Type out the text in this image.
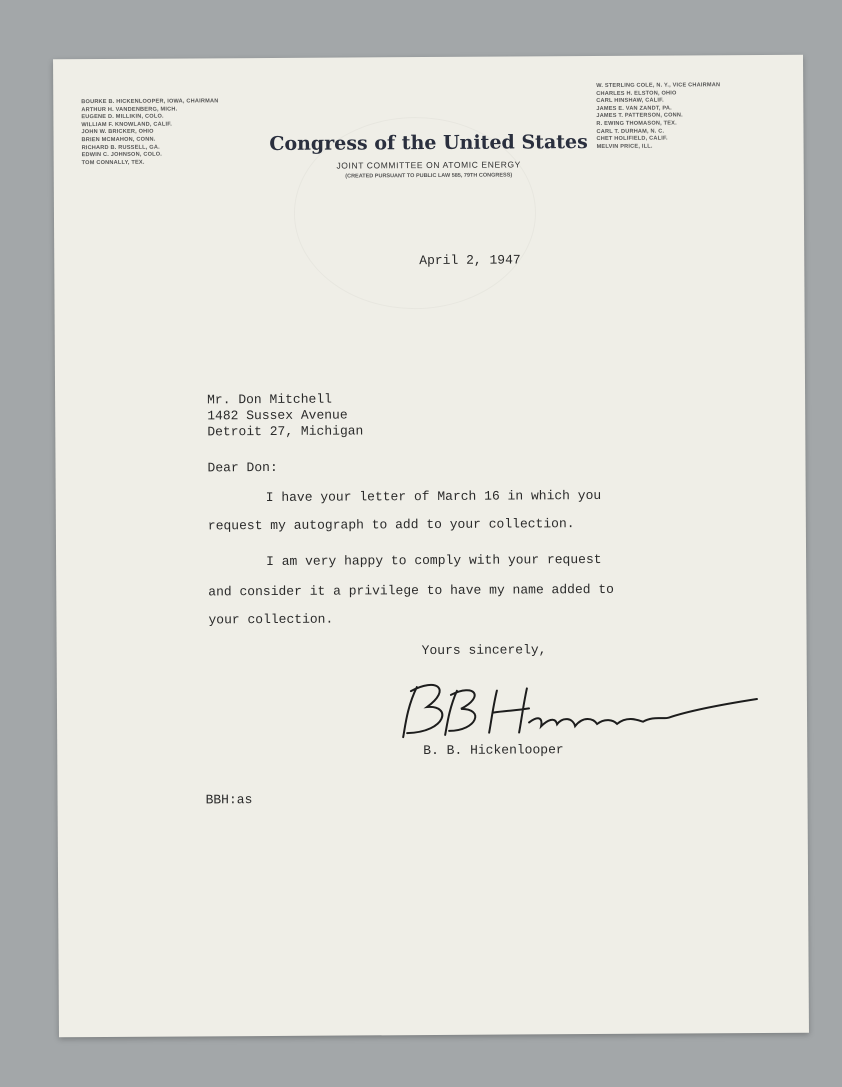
BOURKE B. HICKENLOOPER, IOWA, CHAIRMAN
ARTHUR H. VANDENBERG, MICH.
EUGENE D. MILLIKIN, COLO.
WILLIAM F. KNOWLAND, CALIF.
JOHN W. BRICKER, OHIO
BRIEN MCMAHON, CONN.
RICHARD B. RUSSELL, GA.
EDWIN C. JOHNSON, COLO.
TOM CONNALLY, TEX.
W. STERLING COLE, N. Y., VICE CHAIRMAN
CHARLES H. ELSTON, OHIO
CARL HINSHAW, CALIF.
JAMES E. VAN ZANDT, PA.
JAMES T. PATTERSON, CONN.
R. EWING THOMASON, TEX.
CARL T. DURHAM, N. C.
CHET HOLIFIELD, CALIF.
MELVIN PRICE, ILL.
Congress of the United States
JOINT COMMITTEE ON ATOMIC ENERGY
(CREATED PURSUANT TO PUBLIC LAW 585, 79TH CONGRESS)
April 2, 1947
Mr. Don Mitchell
1482 Sussex Avenue
Detroit 27, Michigan
Dear Don:
I have your letter of March 16 in which you
request my autograph to add to your collection.
I am very happy to comply with your request
and consider it a privilege to have my name added to
your collection.
Yours sincerely,
B. B. Hickenlooper
BBH:as
